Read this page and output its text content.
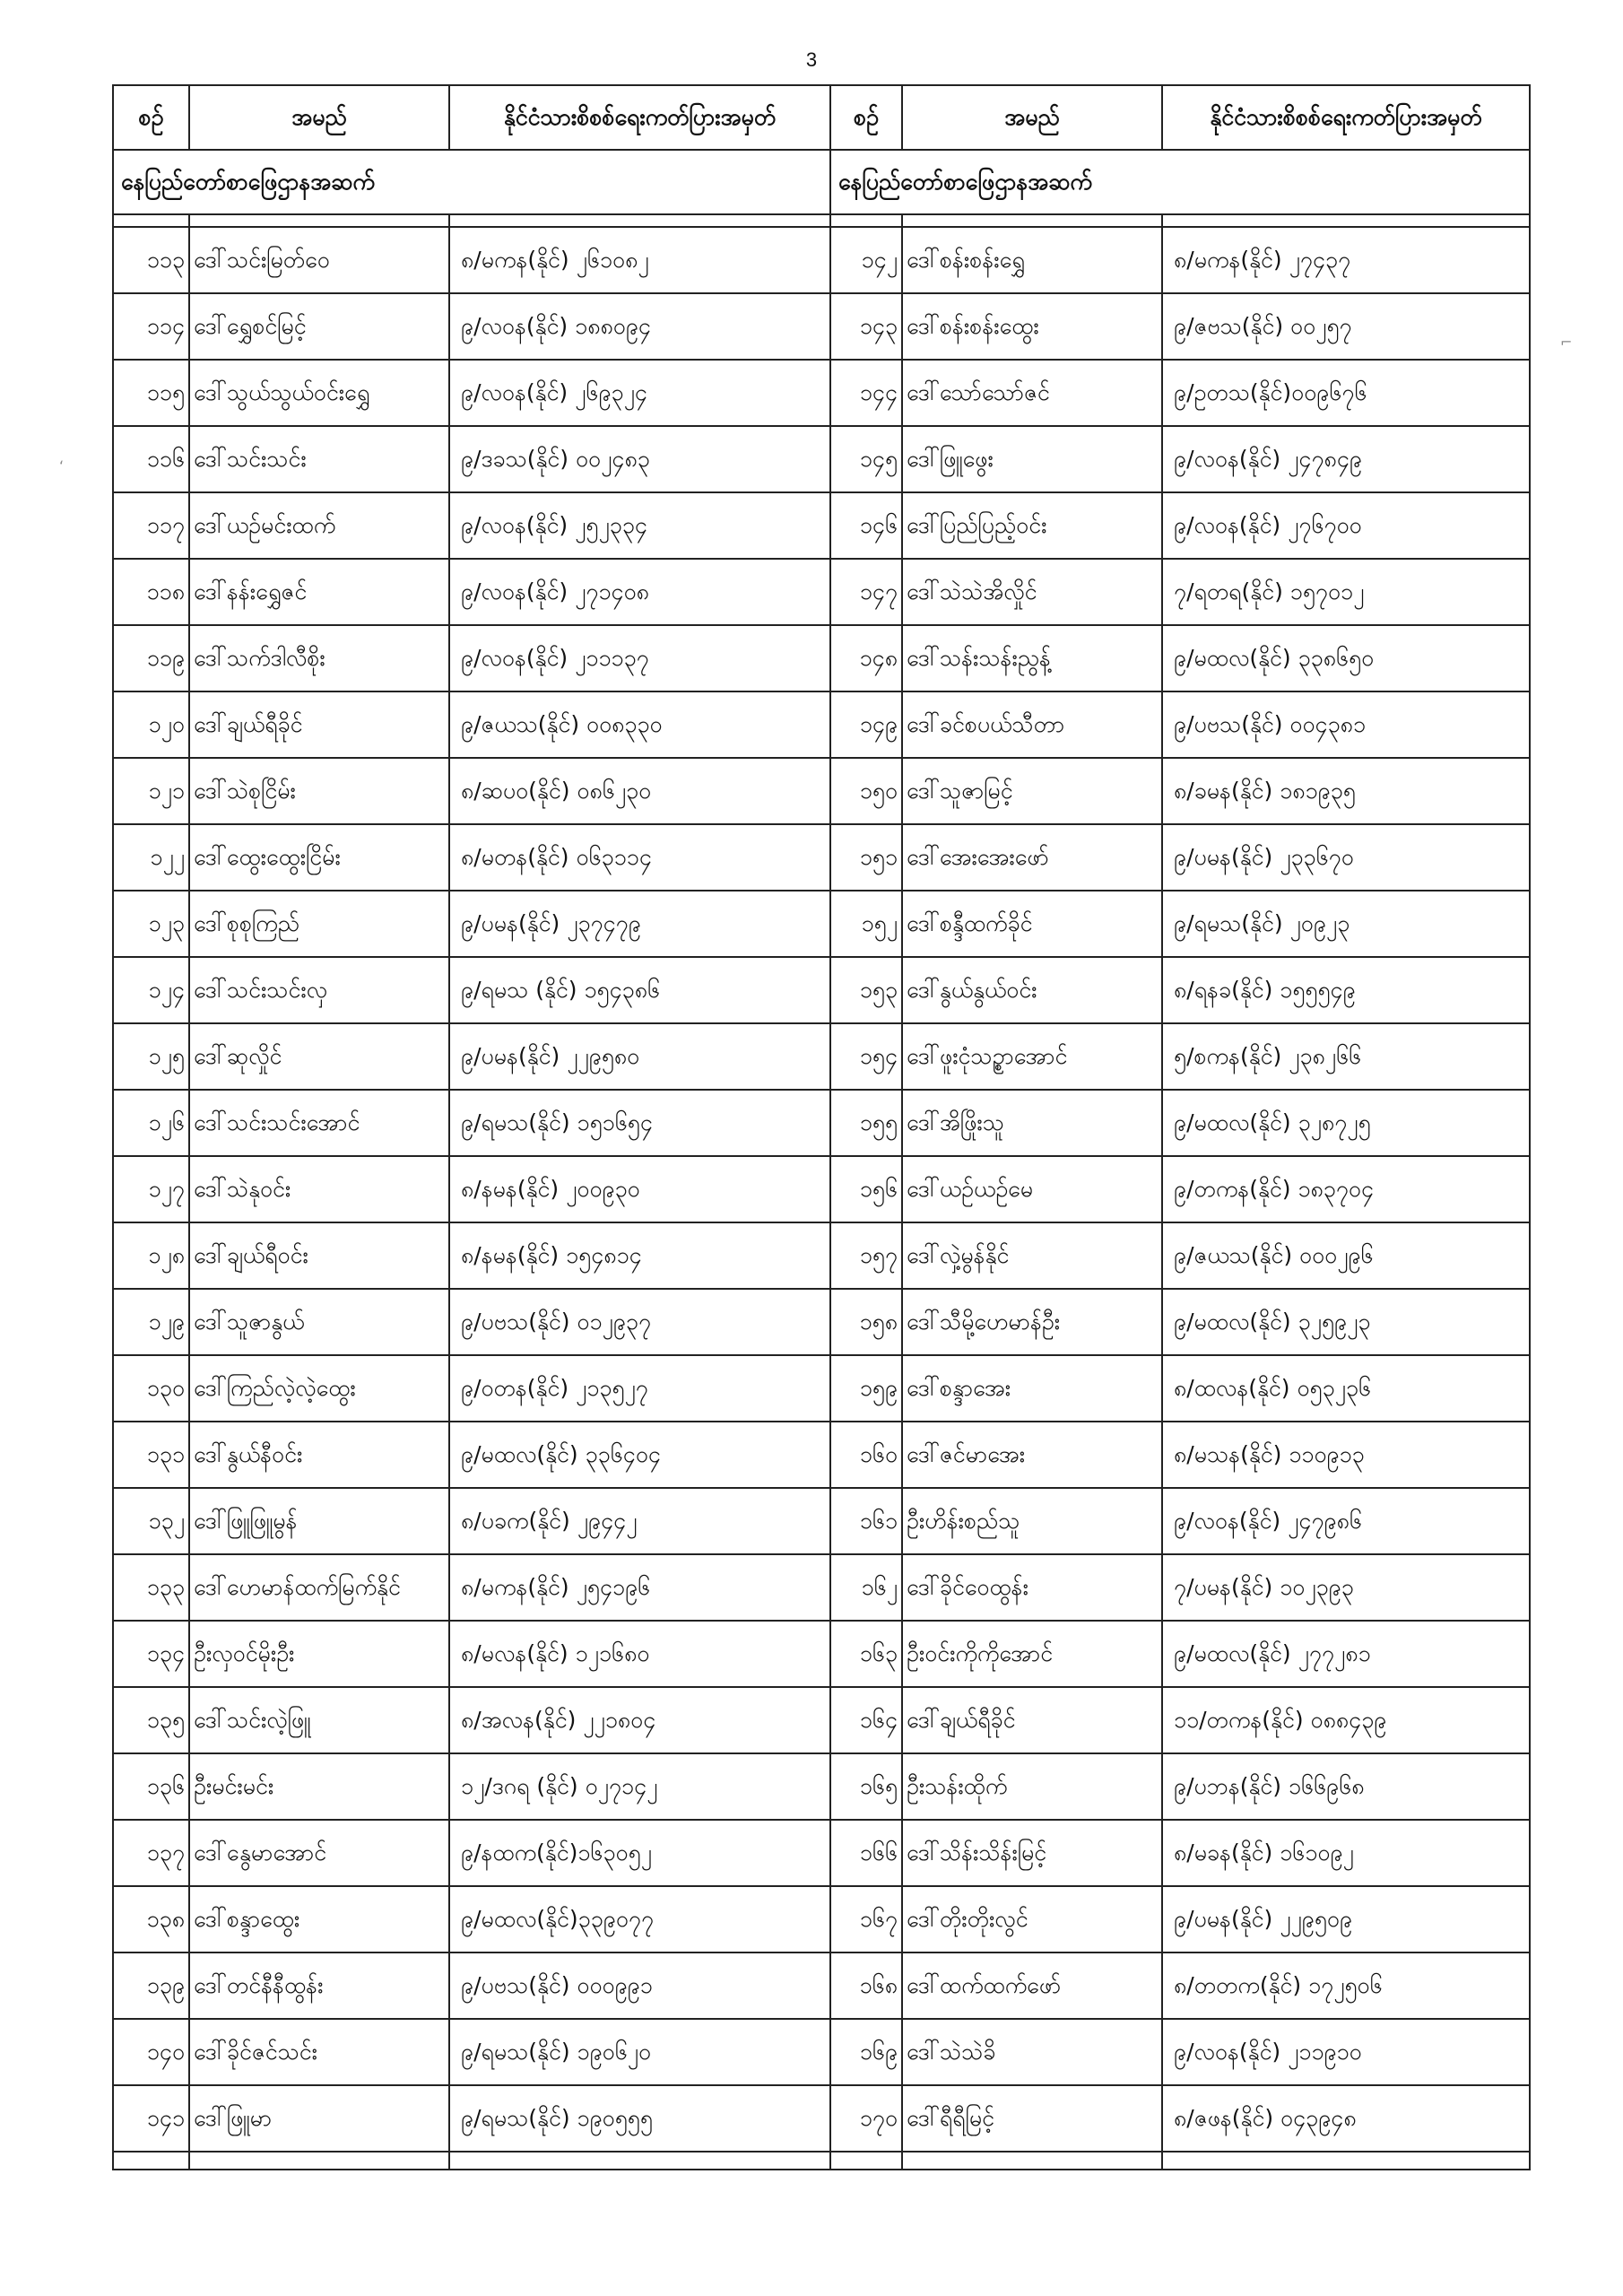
3
⌐
‘
စဉ်	အမည်	နိုင်ငံသားစိစစ်ရေးကတ်ပြားအမှတ်	စဉ်	အမည်	နိုင်ငံသားစိစစ်ရေးကတ်ပြားအမှတ်
နေပြည်တော်စာဖြေဌာနအဆက်			နေပြည်တော်စာဖြေဌာနအဆက်		

၁၁၃	ဒေါ်သင်းမြတ်ဝေ	၈/မကန(နိုင်) ၂၆၁၀၈၂	၁၄၂	ဒေါ်စန်းစန်းရွှေ	၈/မကန(နိုင်) ၂၇၄၃၇
၁၁၄	ဒေါ်ရွှေစင်မြင့်	၉/လဝန(နိုင်) ၁၈၈၀၉၄	၁၄၃	ဒေါ်စန်းစန်းထွေး	၉/ဇဗသ(နိုင်) ၀၀၂၅၇
၁၁၅	ဒေါ်သွယ်သွယ်ဝင်းရွှေ	၉/လဝန(နိုင်) ၂၆၉၃၂၄	၁၄၄	ဒေါ်သော်သော်ဇင်	၉/ဥတသ(နိုင်)၀၀၉၆၇၆
၁၁၆	ဒေါ်သင်းသင်း	၉/ဒခသ(နိုင်) ၀၀၂၄၈၃	၁၄၅	ဒေါ်ဖြူဖွေး	၉/လဝန(နိုင်) ၂၄၇၈၄၉
၁၁၇	ဒေါ်ယဉ်မင်းထက်	၉/လဝန(နိုင်) ၂၅၂၃၃၄	၁၄၆	ဒေါ်ပြည်ပြည့်ဝင်း	၉/လဝန(နိုင်) ၂၇၆၇၀၀
၁၁၈	ဒေါ်နန်းရွှေဇင်	၉/လဝန(နိုင်) ၂၇၁၄၀၈	၁၄၇	ဒေါ်သဲသဲအိလှိုင်	၇/ရတရ(နိုင်) ၁၅၇၀၁၂
၁၁၉	ဒေါ်သက်ဒါလီစိုး	၉/လဝန(နိုင်) ၂၁၁၁၃၇	၁၄၈	ဒေါ်သန်းသန်းညွန့်	၉/မထလ(နိုင်) ၃၃၈၆၅၀
၁၂၀	ဒေါ်ချယ်ရီခိုင်	၉/ဇယသ(နိုင်) ၀၀၈၃၃၀	၁၄၉	ဒေါ်ခင်စပယ်သီတာ	၉/ပဗသ(နိုင်) ၀၀၄၃၈၁
၁၂၁	ဒေါ်သဲစုငြိမ်း	၈/ဆပဝ(နိုင်) ၀၈၆၂၃၀	၁၅၀	ဒေါ်သူဇာမြင့်	၈/ခမန(နိုင်) ၁၈၁၉၃၅
၁၂၂	ဒေါ်ထွေးထွေးငြိမ်း	၈/မတန(နိုင်) ၀၆၃၁၁၄	၁၅၁	ဒေါ်အေးအေးဖော်	၉/ပမန(နိုင်) ၂၃၃၆၇၀
၁၂၃	ဒေါ်စုစုကြည်	၉/ပမန(နိုင်) ၂၃၇၄၇၉	၁၅၂	ဒေါ်စန္ဒီထက်ခိုင်	၉/ရမသ(နိုင်) ၂၀၉၂၃
၁၂၄	ဒေါ်သင်းသင်းလှ	၉/ရမသ (နိုင်) ၁၅၄၃၈၆	၁၅၃	ဒေါ်နွယ်နွယ်ဝင်း	၈/ရနခ(နိုင်) ၁၅၅၅၄၉
၁၂၅	ဒေါ်ဆုလှိုင်	၉/ပမန(နိုင်) ၂၂၉၅၈၀	၁၅၄	ဒေါ်ဖူးငုံသဥ္စာအောင်	၅/စကန(နိုင်) ၂၃၈၂၆၆
၁၂၆	ဒေါ်သင်းသင်းအောင်	၉/ရမသ(နိုင်) ၁၅၁၆၅၄	၁၅၅	ဒေါ်အိဖြိုးသူ	၉/မထလ(နိုင်) ၃၂၈၇၂၅
၁၂၇	ဒေါ်သဲနုဝင်း	၈/နမန(နိုင်) ၂၀၀၉၃၀	၁၅၆	ဒေါ်ယဉ်ယဉ်မေ	၉/တကန(နိုင်) ၁၈၃၇၀၄
၁၂၈	ဒေါ်ချယ်ရီဝင်း	၈/နမန(နိုင်) ၁၅၄၈၁၄	၁၅၇	ဒေါ်လှဲ့မွန်နိုင်	၉/ဇယသ(နိုင်) ၀၀၀၂၉၆
၁၂၉	ဒေါ်သူဇာနွယ်	၉/ပဗသ(နိုင်) ၀၁၂၉၃၇	၁၅၈	ဒေါ်သီမို့ဟေမာန်ဦး	၉/မထလ(နိုင်) ၃၂၅၉၂၃
၁၃၀	ဒေါ်ကြည်လဲ့လဲ့ထွေး	၉/ဝတန(နိုင်) ၂၁၃၅၂၇	၁၅၉	ဒေါ်စန္ဒာအေး	၈/ထလန(နိုင်) ၀၅၃၂၃၆
၁၃၁	ဒေါ်နွယ်နီဝင်း	၉/မထလ(နိုင်) ၃၃၆၄၀၄	၁၆၀	ဒေါ်ဇင်မာအေး	၈/မသန(နိုင်) ၁၁၀၉၁၃
၁၃၂	ဒေါ်ဖြူဖြူမွန်	၈/ပခက(နိုင်) ၂၉၄၄၂	၁၆၁	ဦးဟိန်းစည်သူ	၉/လဝန(နိုင်) ၂၄၇၉၈၆
၁၃၃	ဒေါ်ဟေမာန်ထက်မြက်နိုင်	၈/မကန(နိုင်) ၂၅၄၁၉၆	၁၆၂	ဒေါ်ခိုင်ဝေထွန်း	၇/ပမန(နိုင်) ၁၀၂၃၉၃
၁၃၄	ဦးလှ​ဝင်မိုးဦး	၈/မလန(နိုင်) ၁၂၁၆၈၀	၁၆၃	ဦးဝင်းကိုကိုအောင်	၉/မထလ(နိုင်) ၂၇၇၂၈၁
၁၃၅	ဒေါ်သင်းလဲ့ဖြူ	၈/အလန(နိုင်) ၂၂၁၈၀၄	၁၆၄	ဒေါ်ချယ်ရီခိုင်	၁၁/တကန(နိုင်) ၀၈၈၄၃၉
၁၃၆	ဦးမင်းမင်း	၁၂/ဒဂရ (နိုင်) ၀၂၇၁၄၂	၁၆၅	ဦးသန်းထိုက်	၉/ပဘန(နိုင်) ၁၆၆၉၆၈
၁၃၇	ဒေါ်နွေမာအောင်	၉/နထက(နိုင်)၁၆၃၀၅၂	၁၆၆	ဒေါ်သိန်းသိန်းမြင့်	၈/မခန(နိုင်) ၁၆၁၀၉၂
၁၃၈	ဒေါ်စန္ဒာထွေး	၉/မထလ(နိုင်)၃၃၉၀၇၇	၁၆၇	ဒေါ်တိုးတိုးလွင်	၉/ပမန(နိုင်) ၂၂၉၅၀၉
၁၃၉	ဒေါ်တင်နီနီထွန်း	၉/ပဗသ(နိုင်) ၀၀၀၉၉၁	၁၆၈	ဒေါ်ထက်ထက်ဖော်	၈/တတက(နိုင်) ၁၇၂၅၀၆
၁၄၀	ဒေါ်ခိုင်ဇင်သင်း	၉/ရမသ(နိုင်) ၁၉၀၆၂၀	၁၆၉	ဒေါ်သဲသဲခိ	၉/လဝန(နိုင်) ၂၁၁၉၁၀
၁၄၁	ဒေါ်ဖြူမာ	၉/ရမသ(နိုင်) ၁၉၀၅၅၅	၁၇၀	ဒေါ်ရီရီမြင့်	၈/ဇဖန(နိုင်) ၀၄၃၉၄၈
